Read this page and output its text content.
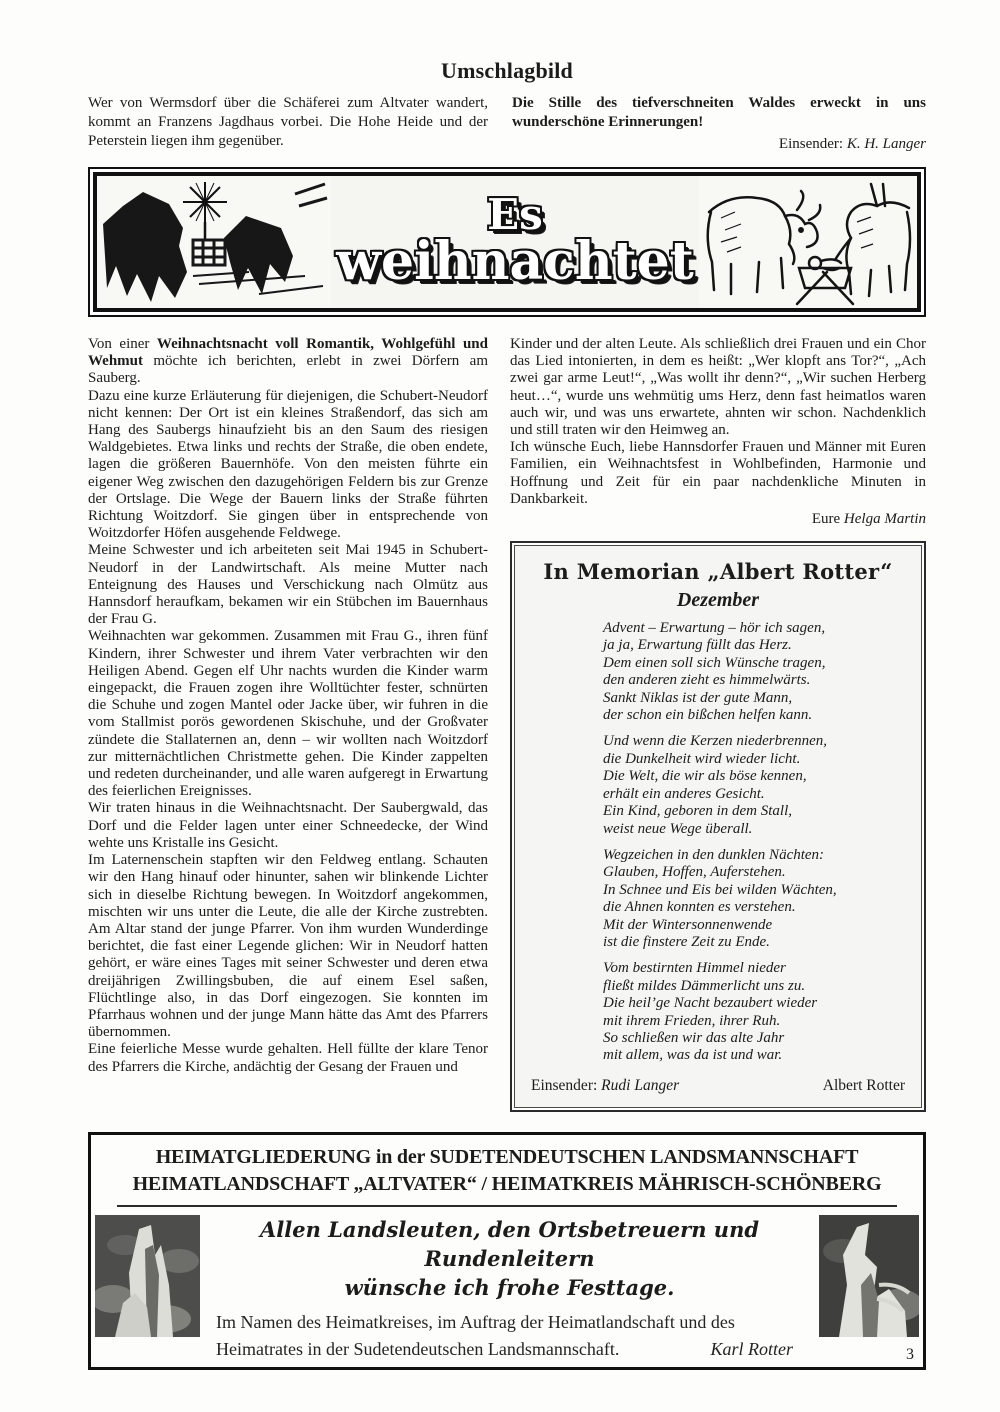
Umschlagbild
Wer von Wermsdorf über die Schäferei zum Altvater wandert, kommt an Franzens Jagdhaus vorbei. Die Hohe Heide und der Peterstein liegen ihm gegenüber.
Die Stille des tiefverschneiten Waldes erweckt in uns wunderschöne Erinnerungen!
Einsender: K. H. Langer
Es
weihnachtet

Von einer Weihnachtsnacht voll Romantik, Wohlgefühl und Wehmut möchte ich berichten, erlebt in zwei Dörfern am Sauberg.

Dazu eine kurze Erläuterung für diejenigen, die Schubert-Neudorf nicht kennen: Der Ort ist ein kleines Straßendorf, das sich am Hang des Saubergs hinaufzieht bis an den Saum des riesigen Waldgebietes. Etwa links und rechts der Straße, die oben endete, lagen die größeren Bauernhöfe. Von den meisten führte ein eigener Weg zwischen den dazugehörigen Feldern bis zur Grenze der Ortslage. Die Wege der Bauern links der Straße führten Richtung Woitzdorf. Sie gingen über in entsprechende von Woitzdorfer Höfen ausgehende Feldwege.

Meine Schwester und ich arbeiteten seit Mai 1945 in Schubert-Neudorf in der Landwirtschaft. Als meine Mutter nach Enteignung des Hauses und Verschickung nach Olmütz aus Hannsdorf heraufkam, bekamen wir ein Stübchen im Bauernhaus der Frau G.

Weihnachten war gekommen. Zusammen mit Frau G., ihren fünf Kindern, ihrer Schwester und ihrem Vater verbrachten wir den Heiligen Abend. Gegen elf Uhr nachts wurden die Kinder warm eingepackt, die Frauen zogen ihre Wolltüchter fester, schnürten die Schuhe und zogen Mantel oder Jacke über, wir fuhren in die vom Stallmist porös gewordenen Skischuhe, und der Großvater zündete die Stallaternen an, denn – wir wollten nach Woitzdorf zur mitternächtlichen Christmette gehen. Die Kinder zappelten und redeten durcheinander, und alle waren aufgeregt in Erwartung des feierlichen Ereignisses.

Wir traten hinaus in die Weihnachtsnacht. Der Saubergwald, das Dorf und die Felder lagen unter einer Schneedecke, der Wind wehte uns Kristalle ins Gesicht.

Im Laternenschein stapften wir den Feldweg entlang. Schauten wir den Hang hinauf oder hinunter, sahen wir blinkende Lichter sich in dieselbe Richtung bewegen. In Woitzdorf angekommen, mischten wir uns unter die Leute, die alle der Kirche zustrebten. Am Altar stand der junge Pfarrer. Von ihm wurden Wunderdinge berichtet, die fast einer Legende glichen: Wir in Neudorf hatten gehört, er wäre eines Tages mit seiner Schwester und deren etwa dreijährigen Zwillingsbuben, die auf einem Esel saßen, Flüchtlinge also, in das Dorf eingezogen. Sie konnten im Pfarrhaus wohnen und der junge Mann hätte das Amt des Pfarrers übernommen.

Eine feierliche Messe wurde gehalten. Hell füllte der klare Tenor des Pfarrers die Kirche, andächtig der Gesang der Frauen und

Kinder und der alten Leute. Als schließlich drei Frauen und ein Chor das Lied intonierten, in dem es heißt: „Wer klopft ans Tor?“, „Ach zwei gar arme Leut!“, „Was wollt ihr denn?“, „Wir suchen Herberg heut…“, wurde uns wehmütig ums Herz, denn fast heimatlos waren auch wir, und was uns erwartete, ahnten wir schon. Nachdenklich und still traten wir den Heimweg an.

Ich wünsche Euch, liebe Hannsdorfer Frauen und Männer mit Euren Familien, ein Weihnachtsfest in Wohlbefinden, Harmonie und Hoffnung und Zeit für ein paar nachdenkliche Minuten in Dankbarkeit.

Eure Helga Martin
In Memorian „Albert Rotter“
Dezember
Advent – Erwartung – hör ich sagen,
ja ja, Erwartung füllt das Herz.
Dem einen soll sich Wünsche tragen,
den anderen zieht es himmelwärts.
Sankt Niklas ist der gute Mann,
der schon ein bißchen helfen kann.
Und wenn die Kerzen niederbrennen,
die Dunkelheit wird wieder licht.
Die Welt, die wir als böse kennen,
erhält ein anderes Gesicht.
Ein Kind, geboren in dem Stall,
weist neue Wege überall.
Wegzeichen in den dunklen Nächten:
Glauben, Hoffen, Auferstehen.
In Schnee und Eis bei wilden Wächten,
die Ahnen konnten es verstehen.
Mit der Wintersonnenwende
ist die finstere Zeit zu Ende.
Vom bestirnten Himmel nieder
fließt mildes Dämmerlicht uns zu.
Die heil’ge Nacht bezaubert wieder
mit ihrem Frieden, ihrer Ruh.
So schließen wir das alte Jahr
mit allem, was da ist und war.
Einsender: Rudi Langer	Albert Rotter
HEIMATGLIEDERUNG in der SUDETENDEUTSCHEN LANDSMANNSCHAFT
HEIMATLANDSCHAFT „ALTVATER“ / HEIMATKREIS MÄHRISCH-SCHÖNBERG
Allen Landsleuten, den Ortsbetreuern und Rundenleitern
wünsche ich frohe Festtage.
Im Namen des Heimatkreises, im Auftrag der Heimatlandschaft und des
Heimatrates in der Sudetendeutschen Landsmannschaft.	Karl Rotter	3
